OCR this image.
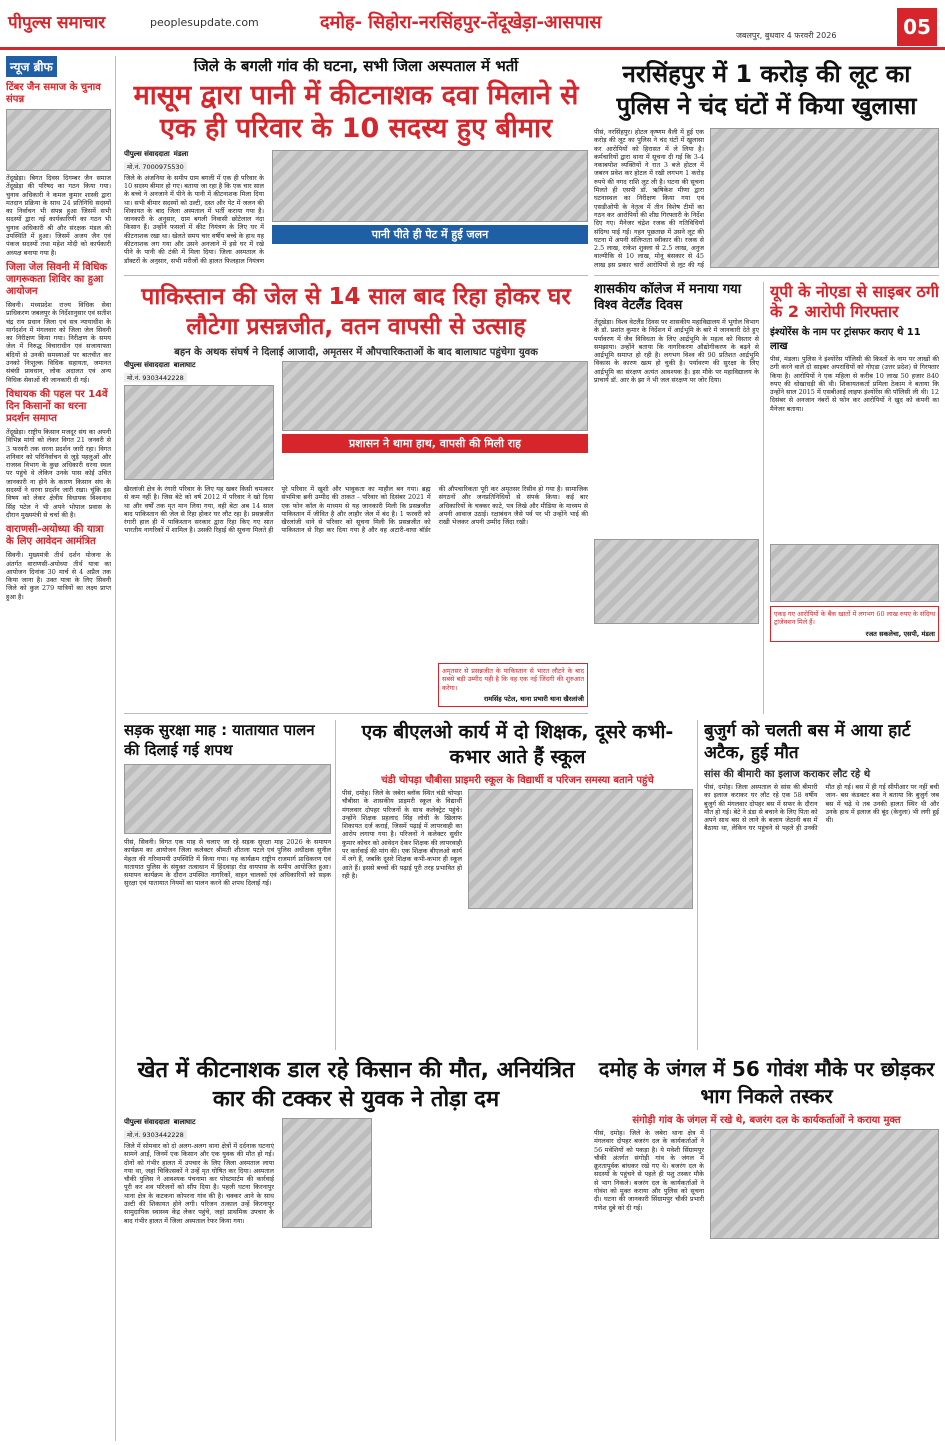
पीपुल्स समाचार	peoplesupdate.com	दमोह- सिहोरा-नरसिंहपुर-तेंदूखेड़ा-आसपास
जबलपुर, बुधवार 4 फरवरी 2026	05
न्यूज ब्रीफ
टिंबर जैन समाज के चुनाव संपन्न
तेंदूखेड़ा। बिगत दिवस दिगम्बर जैन समाज तेंदूखेड़ा की परिषद का गठन किया गया। चुनाव अधिकारी ने कमल कुमार शास्त्री द्वारा मतदान प्रक्रिया के साथ 24 प्रतिनिधि सदस्यों का निर्वाचन भी संपन्न हुआ जिसमें सभी सदस्यों द्वारा नई कार्यकारिणी का गठन भी चुनाव अधिकारी श्री और संरक्षक मंडल की उपस्थिति में हुआ। जिसमें अजय जैन एवं पंकज सदस्यों तथा महेश मोदी को कार्यकारी अध्यक्ष बनाया गया है।
जिला जेल सिवनी में विधिक जागरूकता शिविर का हुआ आयोजन
सिवनी। मध्यप्रदेश राज्य विधिक सेवा प्राधिकरण जबलपुर के निर्देशानुसार एवं सतीश चंद्र राय प्रधान जिला एवं सत्र न्यायाधीश के मार्गदर्शन में मंगलवार को जिला जेल सिवनी का निरीक्षण किया गया। निरीक्षण के समय जेल में निरुद्ध विचाराधीन एवं सजायाफ्ता बंदियों से उनकी समस्याओं पर बातचीत कर उनको निःशुल्क विधिक सहायता, जमानत संबंधी प्रावधान, लोक अदालत एवं अन्य विधिक सेवाओं की जानकारी दी गई।
विधायक की पहल पर 14वें दिन किसानों का धरना प्रदर्शन समाप्त
तेंदूखेड़ा। राष्ट्रीय किसान मजदूर संघ का अपनी विभिन्न मांगों को लेकर विगत 21 जनवरी से 3 फरवरी तक धरना प्रदर्शन जारी रहा। विगत शनिवार को परिनिर्वाचन से जुड़े पहलुओं और राजस्व विभाग के कुछ अधिकारी धरना स्थल पर पहुंचे थे लेकिन उनके पास कोई उचित जानकारी ना होने के कारण किसान संघ के सदस्यों ने धरना प्रदर्शन जारी रखा। चूंकि इस विषय को लेकर क्षेत्रीय विधायक विश्वनाथ सिंह पटेल ने भी अपने भोपाल प्रवास के दौरान मुख्यमंत्री से चर्चा की है।
वाराणसी-अयोध्या की यात्रा के लिए आवेदन आमंत्रित
सिवनी। मुख्यमंत्री तीर्थ दर्शन योजना के अंतर्गत वाराणसी-अयोध्या तीर्थ यात्रा का आयोजन दिनांक 30 मार्च से 4 अप्रैल तक किया जाना है। उक्त यात्रा के लिए सिवनी जिले को कुल 279 यात्रियों का लक्ष्य प्राप्त हुआ है।
जिले के बगली गांव की घटना, सभी जिला अस्पताल में भर्ती
मासूम द्वारा पानी में कीटनाशक दवा मिलाने से एक ही परिवार के 10 सदस्य हुए बीमार
पीपुल्स संवाददाता मंडला
मो.नं. 7000975530
जिले के अंजनिया के समीप ग्राम बगली में एक ही परिवार के 10 सदस्य बीमार हो गए। बताया जा रहा है कि एक चार साल के बच्चे ने अनजाने में पीने के पानी में कीटनाशक मिला दिया था। सभी बीमार सदस्यों को उल्टी, दस्त और पेट में जलन की शिकायत के बाद जिला अस्पताल में भर्ती कराया गया है। जानकारी के अनुसार, ग्राम बगली निवासी छोटेलाल नंदा किसान हैं। उन्होंने फसलों में कीट नियंत्रण के लिए घर में कीटनाशक रखा था। खेलते समय चार वर्षीय बच्चे के हाथ यह कीटनाशक लग गया और उसने अनजाने में इसे घर में रखे पीने के पानी की टंकी में मिला दिया। जिला अस्पताल के डॉक्टरों के अनुसार, सभी मरीजों की हालत फिलहाल नियंत्रण
पानी पीते ही पेट में हुई जलन
नरसिंहपुर में 1 करोड़ की लूट का पुलिस ने चंद घंटों में किया खुलासा
पीसं, नरसिंहपुर। होटल कृष्णम वैली में हुई एक करोड़ की लूट का पुलिस ने चंद घंटों में खुलासा कर आरोपियों को हिरासत में ले लिया है। कर्मचारियों द्वारा थाना में सूचना दी गई कि 3-4 नकाबपोश व्यक्तियों ने रात 3 बजे होटल में जबरन प्रवेश कर होटल में रखी लगभग 1 करोड़ रुपये की नगद राशि लूट ली है। घटना की सूचना मिलते ही एसपी डॉ. ऋषिकेश मीणा द्वारा घटनास्थल का निरीक्षण किया गया एवं एसडीओपी के नेतृत्व में तीन विशेष टीमों का गठन कर आरोपियों की शीघ्र गिरफ्तारी के निर्देश दिए गए। मैनेजर चंद्रेश रजक की गतिविधियाँ संदिग्ध पाई गईं। गहन पूछताछ में उसने लूट की घटना में अपनी संलिप्तता स्वीकार की। रजक से 2.5 लाख, राकेश शुक्ला से 2.5 लाख, अनुज वाल्मीकि से 10 लाख, मोनू बंसकार से 45 लाख इस प्रकार चारों आरोपियों से लूट की गई
पाकिस्तान की जेल से 14 साल बाद रिहा होकर घर लौटेगा प्रसन्नजीत, वतन वापसी से उत्साह
बहन के अथक संघर्ष ने दिलाई आजादी, अमृतसर में औपचारिकताओं के बाद बालाघाट पहुंचेगा युवक
पीपुल्स संवाददाता बालाघाट
मो.नं. 9303442228
प्रशासन ने थामा हाथ, वापसी की मिली राह
खैरलांजी क्षेत्र के रंगारी परिवार के लिए यह खबर किसी चमत्कार से कम नहीं है। जिस बेटे को वर्ष 2012 में परिवार ने खो दिया था और वर्षों तक मृत मान लिया गया, वही बेटा अब 14 साल बाद पाकिस्तान की जेल से रिहा होकर घर लौट रहा है। प्रसन्नजीत रंगारी हाल ही में पाकिस्तान सरकार द्वारा रिहा किए गए सात भारतीय नागरिकों में शामिल है। उसकी रिहाई की सूचना मिलते ही पूरे परिवार में खुशी और भावुकता का माहौल बन गया। ब्रह्म संभमित्रा ब्रनी उम्मीद की ताकत - परिवार को दिसंबर 2021 में एक फोन कॉल के माध्यम से यह जानकारी मिली कि प्रसन्नजीत पाकिस्तान में जीवित है और लाहौर जेल में बंद है। 1 फरवरी को खैरलांजी थाने से परिवार को सूचना मिली कि प्रसन्नजीत को पाकिस्तान से रिहा कर दिया गया है और वह अटारी-वाघा बॉर्डर की औपचारिकता पूरी कर अमृतसर रिसीव हो गया है। सामाजिक संगठनों और जनप्रतिनिधियों से संपर्क किया। कई बार अधिकारियों के चक्कर काटे, पत्र लिखे और मीडिया के माध्यम से अपनी आवाज उठाई। रक्षाबंधन जैसे पर्व पर भी उन्होंने भाई की राखी भेजकर अपनी उम्मीद जिंदा रखी।
अमृतसर से प्रसन्नजीत के पाकिस्तान से भारत लौटने के बाद सबसे बड़ी उम्मीद यही है कि वह एक नई जिंदगी की शुरुआत करेगा।
रामसिंह पटेल, थाना प्रभारी थाना खैरलांजी
शासकीय कॉलेज में मनाया गया विश्व वेटलैंड दिवस
तेंदूखेड़ा। विश्व वेटलैंड दिवस पर शासकीय महाविद्यालय में भूगोल विभाग के डॉ. प्रशांत कुमार के निर्देशन में आर्द्रभूमि के बारे में जानकारी देते हुए पर्यावरण में जैव विविधता के लिए आर्द्रभूमि के महत्व को विस्तार से समझाया। उन्होंने बताया कि नागरिकरण औद्योगीकरण के बढ़ने से आर्द्रभूमि समाप्त हो रही है। लगभग विश्व की 90 प्रतिशत आर्द्रभूमि विकास के कारण खत्म हो चुकी है। पर्यावरण की सुरक्षा के लिए आर्द्रभूमि का संरक्षण अत्यंत आवश्यक है। इस मौके पर महाविद्यालय के प्राचार्य डॉ. आर के झा ने भी जल संरक्षण पर जोर दिया।
यूपी के नोएडा से साइबर ठगी के 2 आरोपी गिरफ्तार
इंश्योरेंस के नाम पर ट्रांसफर कराए थे 11 लाख
पीसं, मंडला। पुलिस ने इंश्योरेंस पॉलिसी की किस्तों के नाम पर लाखों की ठगी करने वाले दो साइबर अपराधियों को नोएडा (उत्तर प्रदेश) से गिरफ्तार किया है। आरोपियों ने एक महिला से करीब 10 लाख 50 हजार 840 रुपए की धोखाधड़ी की थी। शिकायतकर्ता प्रमिला ठेकाम ने बताया कि उन्होंने साल 2015 में एसबीआई लाइफ इंश्योरेंस की पॉलिसी ली थी। 12 दिसंबर से अनजान नंबरों से फोन कर आरोपियों ने खुद को कंपनी का मैनेजर बताया।
एकड़ गए आरोपियों के बैंक खातों में लगभग 60 लाख रुपए के संदिग्ध ट्रांजेक्शन मिले हैं।
रजत सकलेचा, एसपी, मंडला
सड़क सुरक्षा माह : यातायात पालन की दिलाई गई शपथ
पीसं, सिवनी। विगत एक माह से चलाए जा रहे सड़क सुरक्षा माह 2026 के समापन कार्यक्रम का आयोजन जिला कलेक्टर श्रीमती शीतला पटले एवं पुलिस अधीक्षक सुनील मेहता की गरिमामयी उपस्थिति में किया गया। यह कार्यक्रम राष्ट्रीय राजमार्ग प्राधिकरण एवं यातायात पुलिस के संयुक्त तत्वाधान में हिंदवाड़ा रोड वायपास के समीप आयोजित हुआ। समापन कार्यक्रम के दौरान उपस्थित नागरिकों, वाहन चालकों एवं अधिकारियों को सड़क सुरक्षा एवं यातायात नियमों का पालन करने की शपथ दिलाई गई।
एक बीएलओ कार्य में दो शिक्षक, दूसरे कभी-कभार आते हैं स्कूल
चंडी चोपड़ा चौबीसा प्राइमरी स्कूल के विद्यार्थी व परिजन समस्या बताने पहुंचे
पीसं, दमोह। जिले के जबेरा ब्लॉक स्थित चंडी चोपड़ा चौबीसा के शासकीय प्राइमरी स्कूल के विद्यार्थी मंगलवार दोपहर परिजनों के साथ कलेक्ट्रेट पहुंचे। उन्होंने शिक्षक प्रहलाद सिंह लोधी के खिलाफ शिकायत दर्ज कराई, जिसमें पढ़ाई में लापरवाही का आरोप लगाया गया है। परिजनों ने कलेक्टर सुधीर कुमार कोचर को आवेदन देकर शिक्षक की लापरवाही पर कार्रवाई की मांग की। एक शिक्षक बीएलओ कार्य में लगे हैं, जबकि दूसरे शिक्षक कभी-कभार ही स्कूल आते हैं। इससे बच्चों की पढ़ाई पूरी तरह प्रभावित हो रही है।
बुजुर्ग को चलती बस में आया हार्ट अटैक, हुई मौत
सांस की बीमारी का इलाज कराकर लौट रहे थे
पीसं, दमोह। जिला अस्पताल से सांस की बीमारी का इलाज कराकर घर लौट रहे एक 58 वर्षीय बुजुर्ग की मंगलवार दोपहर बस में सफर के दौरान मौत हो गई। बेटे ने डंडा से बचाने के लिए पिता को अपने साथ बस से लाने के बजाय जेठानी बस में बैठाया था, लेकिन घर पहुंचने से पहले ही उनकी मौत हो गई। बस में ही गई सीपीआर पर नहीं बची जान- बस कंडक्टर बस ने बताया कि बुजुर्ग जब बस में चढ़े थे तब उनकी हालत स्थिर थी और उनके हाथ में इलाज की बूंद (केनुला) भी लगी हुई थी।
खेत में कीटनाशक डाल रहे किसान की मौत, अनियंत्रित कार की टक्कर से युवक ने तोड़ा दम
पीपुल्स संवाददाता बालाघाट
मो.नं. 9303442228
जिले में सोमवार को दो अलग-अलग थाना क्षेत्रों में दर्दनाक घटनाएं सामने आईं, जिनमें एक किसान और एक युवक की मौत हो गई। दोनों को गंभीर हालत में उपचार के लिए जिला अस्पताल लाया गया था, जहां चिकित्सकों ने उन्हें मृत घोषित कर दिया। अस्पताल चौकी पुलिस ने आवश्यक पंचनामा कर पोस्टमार्टम की कार्रवाई पूरी कर शव परिजनों को सौंप दिया है। पहली घटना किरनापुर थाना क्षेत्र के कटकना कोपरना गांव की है। चक्कर आने के साथ उल्टी की शिकायत होने लगी। परिजन तत्काल उन्हें किरनापुर सामुदायिक स्वास्थ्य केंद्र लेकर पहुंचे, जहां प्राथमिक उपचार के बाद गंभीर हालत में जिला अस्पताल रेफर किया गया।
दमोह के जंगल में 56 गोवंश मौके पर छोड़कर भाग निकले तस्कर
संगोड़ी गांव के जंगल में रखे थे, बजरंग दल के कार्यकर्ताओं ने कराया मुक्त
पीसं, दमोह। जिले के जबेरा थाना क्षेत्र में मंगलवार दोपहर बजरंग दल के कार्यकर्ताओं ने 56 मवेशियों को पकड़ा है। ये मवेशी सिंग्रामपुर चौकी अंतर्गत संगोड़ी गांव के जंगल में क्रूरतापूर्वक बांधकर रखे गए थे। बजरंग दल के सदस्यों के पहुंचने से पहले ही पशु तस्कर मौके से भाग निकले। बजरंग दल के कार्यकर्ताओं ने गोवंश को मुक्त कराया और पुलिस को सूचना दी। घटना की जानकारी सिंग्रामपुर चौकी प्रभारी गणेश दुबे को दी गई।
